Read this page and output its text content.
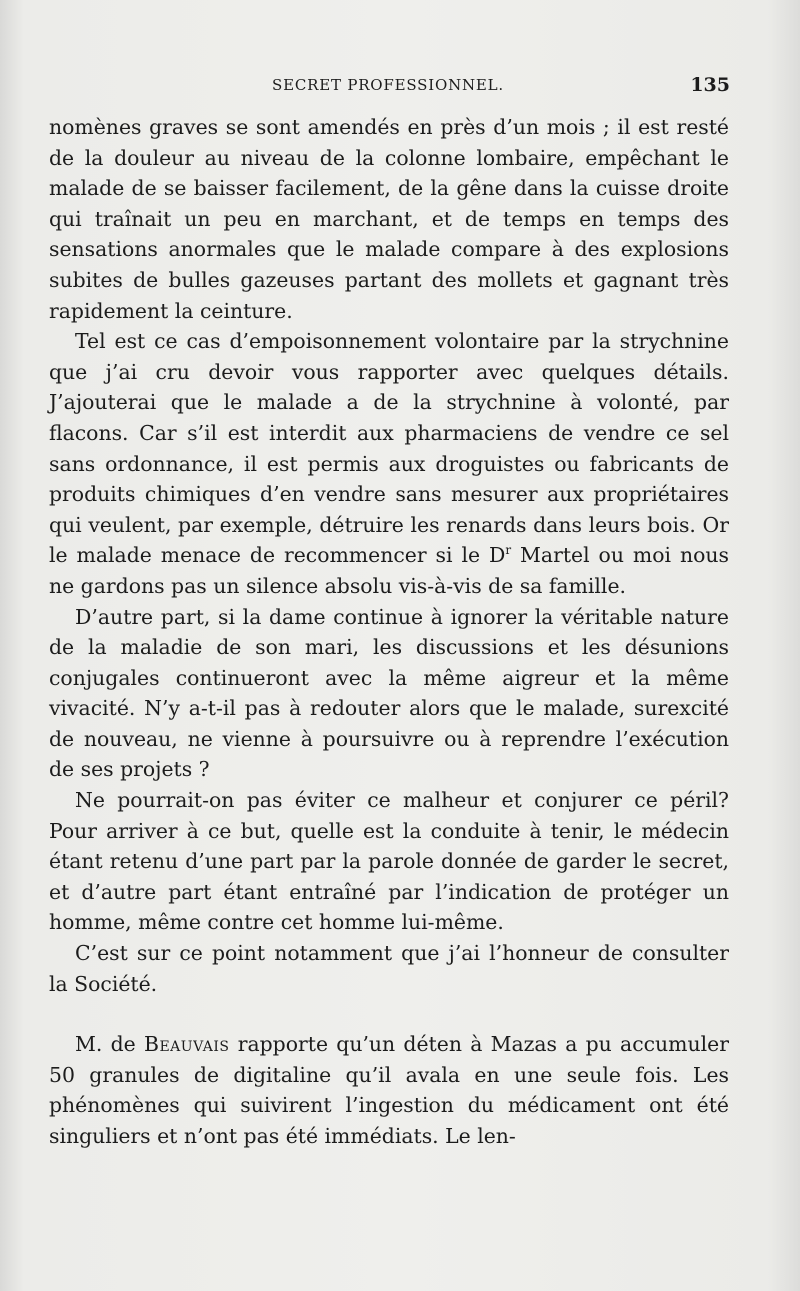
SECRET PROFESSIONNEL.	135

nomènes graves se sont amendés en près d’un mois ; il est resté de la douleur au niveau de la colonne lombaire, empêchant le malade de se baisser facilement, de la gêne dans la cuisse droite qui traînait un peu en marchant, et de temps en temps des sensations anormales que le malade compare à des explosions subites de bulles gazeuses partant des mollets et gagnant très rapidement la ceinture.

Tel est ce cas d’empoisonnement volontaire par la strychnine que j’ai cru devoir vous rapporter avec quelques détails. J’ajouterai que le malade a de la strychnine à volonté, par flacons. Car s’il est interdit aux pharmaciens de vendre ce sel sans ordonnance, il est permis aux droguistes ou fabricants de produits chimiques d’en vendre sans mesurer aux propriétaires qui veulent, par exemple, détruire les renards dans leurs bois. Or le malade menace de recommencer si le $D^r$ Martel ou moi nous ne gardons pas un silence absolu vis-à-vis de sa famille.

D’autre part, si la dame continue à ignorer la véritable nature de la maladie de son mari, les discussions et les désunions conjugales continueront avec la même aigreur et la même vivacité. N’y a-t-il pas à redouter alors que le malade, surexcité de nouveau, ne vienne à poursuivre ou à reprendre l’exécution de ses projets ?

Ne pourrait-on pas éviter ce malheur et conjurer ce péril? Pour arriver à ce but, quelle est la conduite à tenir, le médecin étant retenu d’une part par la parole donnée de garder le secret, et d’autre part étant entraîné par l’indication de protéger un homme, même contre cet homme lui-même.

C’est sur ce point notamment que j’ai l’honneur de consulter la Société.

M. de Beauvais rapporte qu’un déten à Mazas a pu accumuler 50 granules de digitaline qu’il avala en une seule fois. Les phénomènes qui suivirent l’ingestion du médicament ont été singuliers et n’ont pas été immédiats. Le len-
